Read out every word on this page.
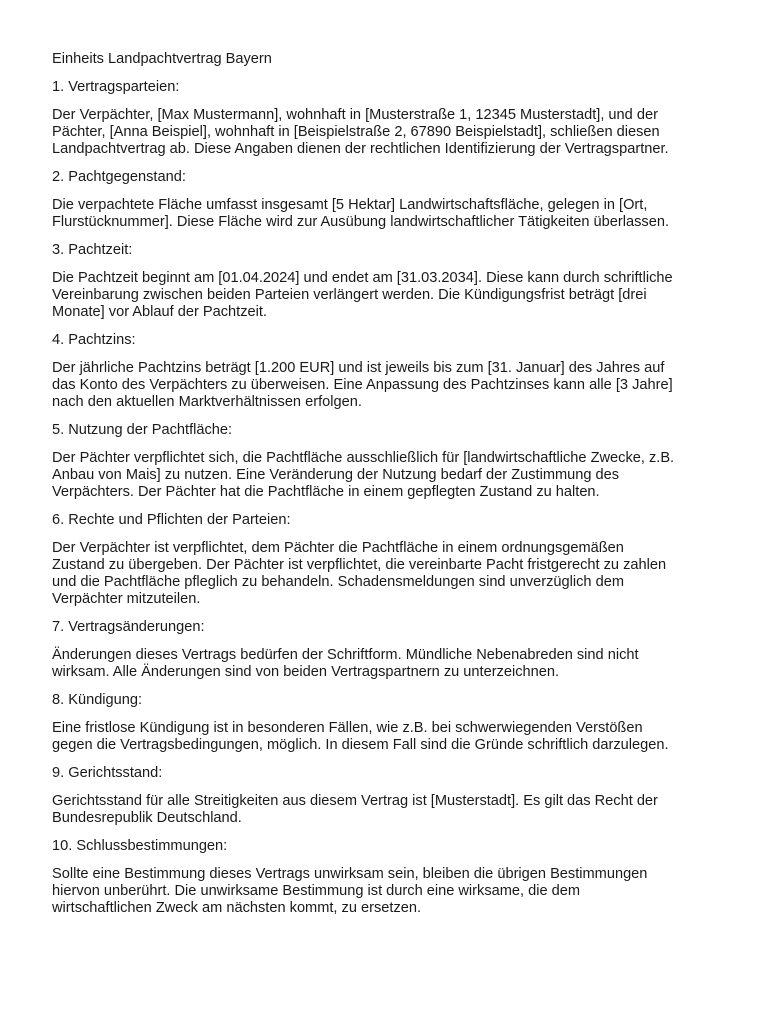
Einheits Landpachtvertrag Bayern

1. Vertragsparteien:

Der Verpächter, [Max Mustermann], wohnhaft in [Musterstraße 1, 12345 Musterstadt], und der
Pächter, [Anna Beispiel], wohnhaft in [Beispielstraße 2, 67890 Beispielstadt], schließen diesen
Landpachtvertrag ab. Diese Angaben dienen der rechtlichen Identifizierung der Vertragspartner.

2. Pachtgegenstand:

Die verpachtete Fläche umfasst insgesamt [5 Hektar] Landwirtschaftsfläche, gelegen in [Ort,
Flurstücknummer]. Diese Fläche wird zur Ausübung landwirtschaftlicher Tätigkeiten überlassen.

3. Pachtzeit:

Die Pachtzeit beginnt am [01.04.2024] und endet am [31.03.2034]. Diese kann durch schriftliche
Vereinbarung zwischen beiden Parteien verlängert werden. Die Kündigungsfrist beträgt [drei
Monate] vor Ablauf der Pachtzeit.

4. Pachtzins:

Der jährliche Pachtzins beträgt [1.200 EUR] und ist jeweils bis zum [31. Januar] des Jahres auf
das Konto des Verpächters zu überweisen. Eine Anpassung des Pachtzinses kann alle [3 Jahre]
nach den aktuellen Marktverhältnissen erfolgen.

5. Nutzung der Pachtfläche:

Der Pächter verpflichtet sich, die Pachtfläche ausschließlich für [landwirtschaftliche Zwecke, z.B.
Anbau von Mais] zu nutzen. Eine Veränderung der Nutzung bedarf der Zustimmung des
Verpächters. Der Pächter hat die Pachtfläche in einem gepflegten Zustand zu halten.

6. Rechte und Pflichten der Parteien:

Der Verpächter ist verpflichtet, dem Pächter die Pachtfläche in einem ordnungsgemäßen
Zustand zu übergeben. Der Pächter ist verpflichtet, die vereinbarte Pacht fristgerecht zu zahlen
und die Pachtfläche pfleglich zu behandeln. Schadensmeldungen sind unverzüglich dem
Verpächter mitzuteilen.

7. Vertragsänderungen:

Änderungen dieses Vertrags bedürfen der Schriftform. Mündliche Nebenabreden sind nicht
wirksam. Alle Änderungen sind von beiden Vertragspartnern zu unterzeichnen.

8. Kündigung:

Eine fristlose Kündigung ist in besonderen Fällen, wie z.B. bei schwerwiegenden Verstößen
gegen die Vertragsbedingungen, möglich. In diesem Fall sind die Gründe schriftlich darzulegen.

9. Gerichtsstand:

Gerichtsstand für alle Streitigkeiten aus diesem Vertrag ist [Musterstadt]. Es gilt das Recht der
Bundesrepublik Deutschland.

10. Schlussbestimmungen:

Sollte eine Bestimmung dieses Vertrags unwirksam sein, bleiben die übrigen Bestimmungen
hiervon unberührt. Die unwirksame Bestimmung ist durch eine wirksame, die dem
wirtschaftlichen Zweck am nächsten kommt, zu ersetzen.
